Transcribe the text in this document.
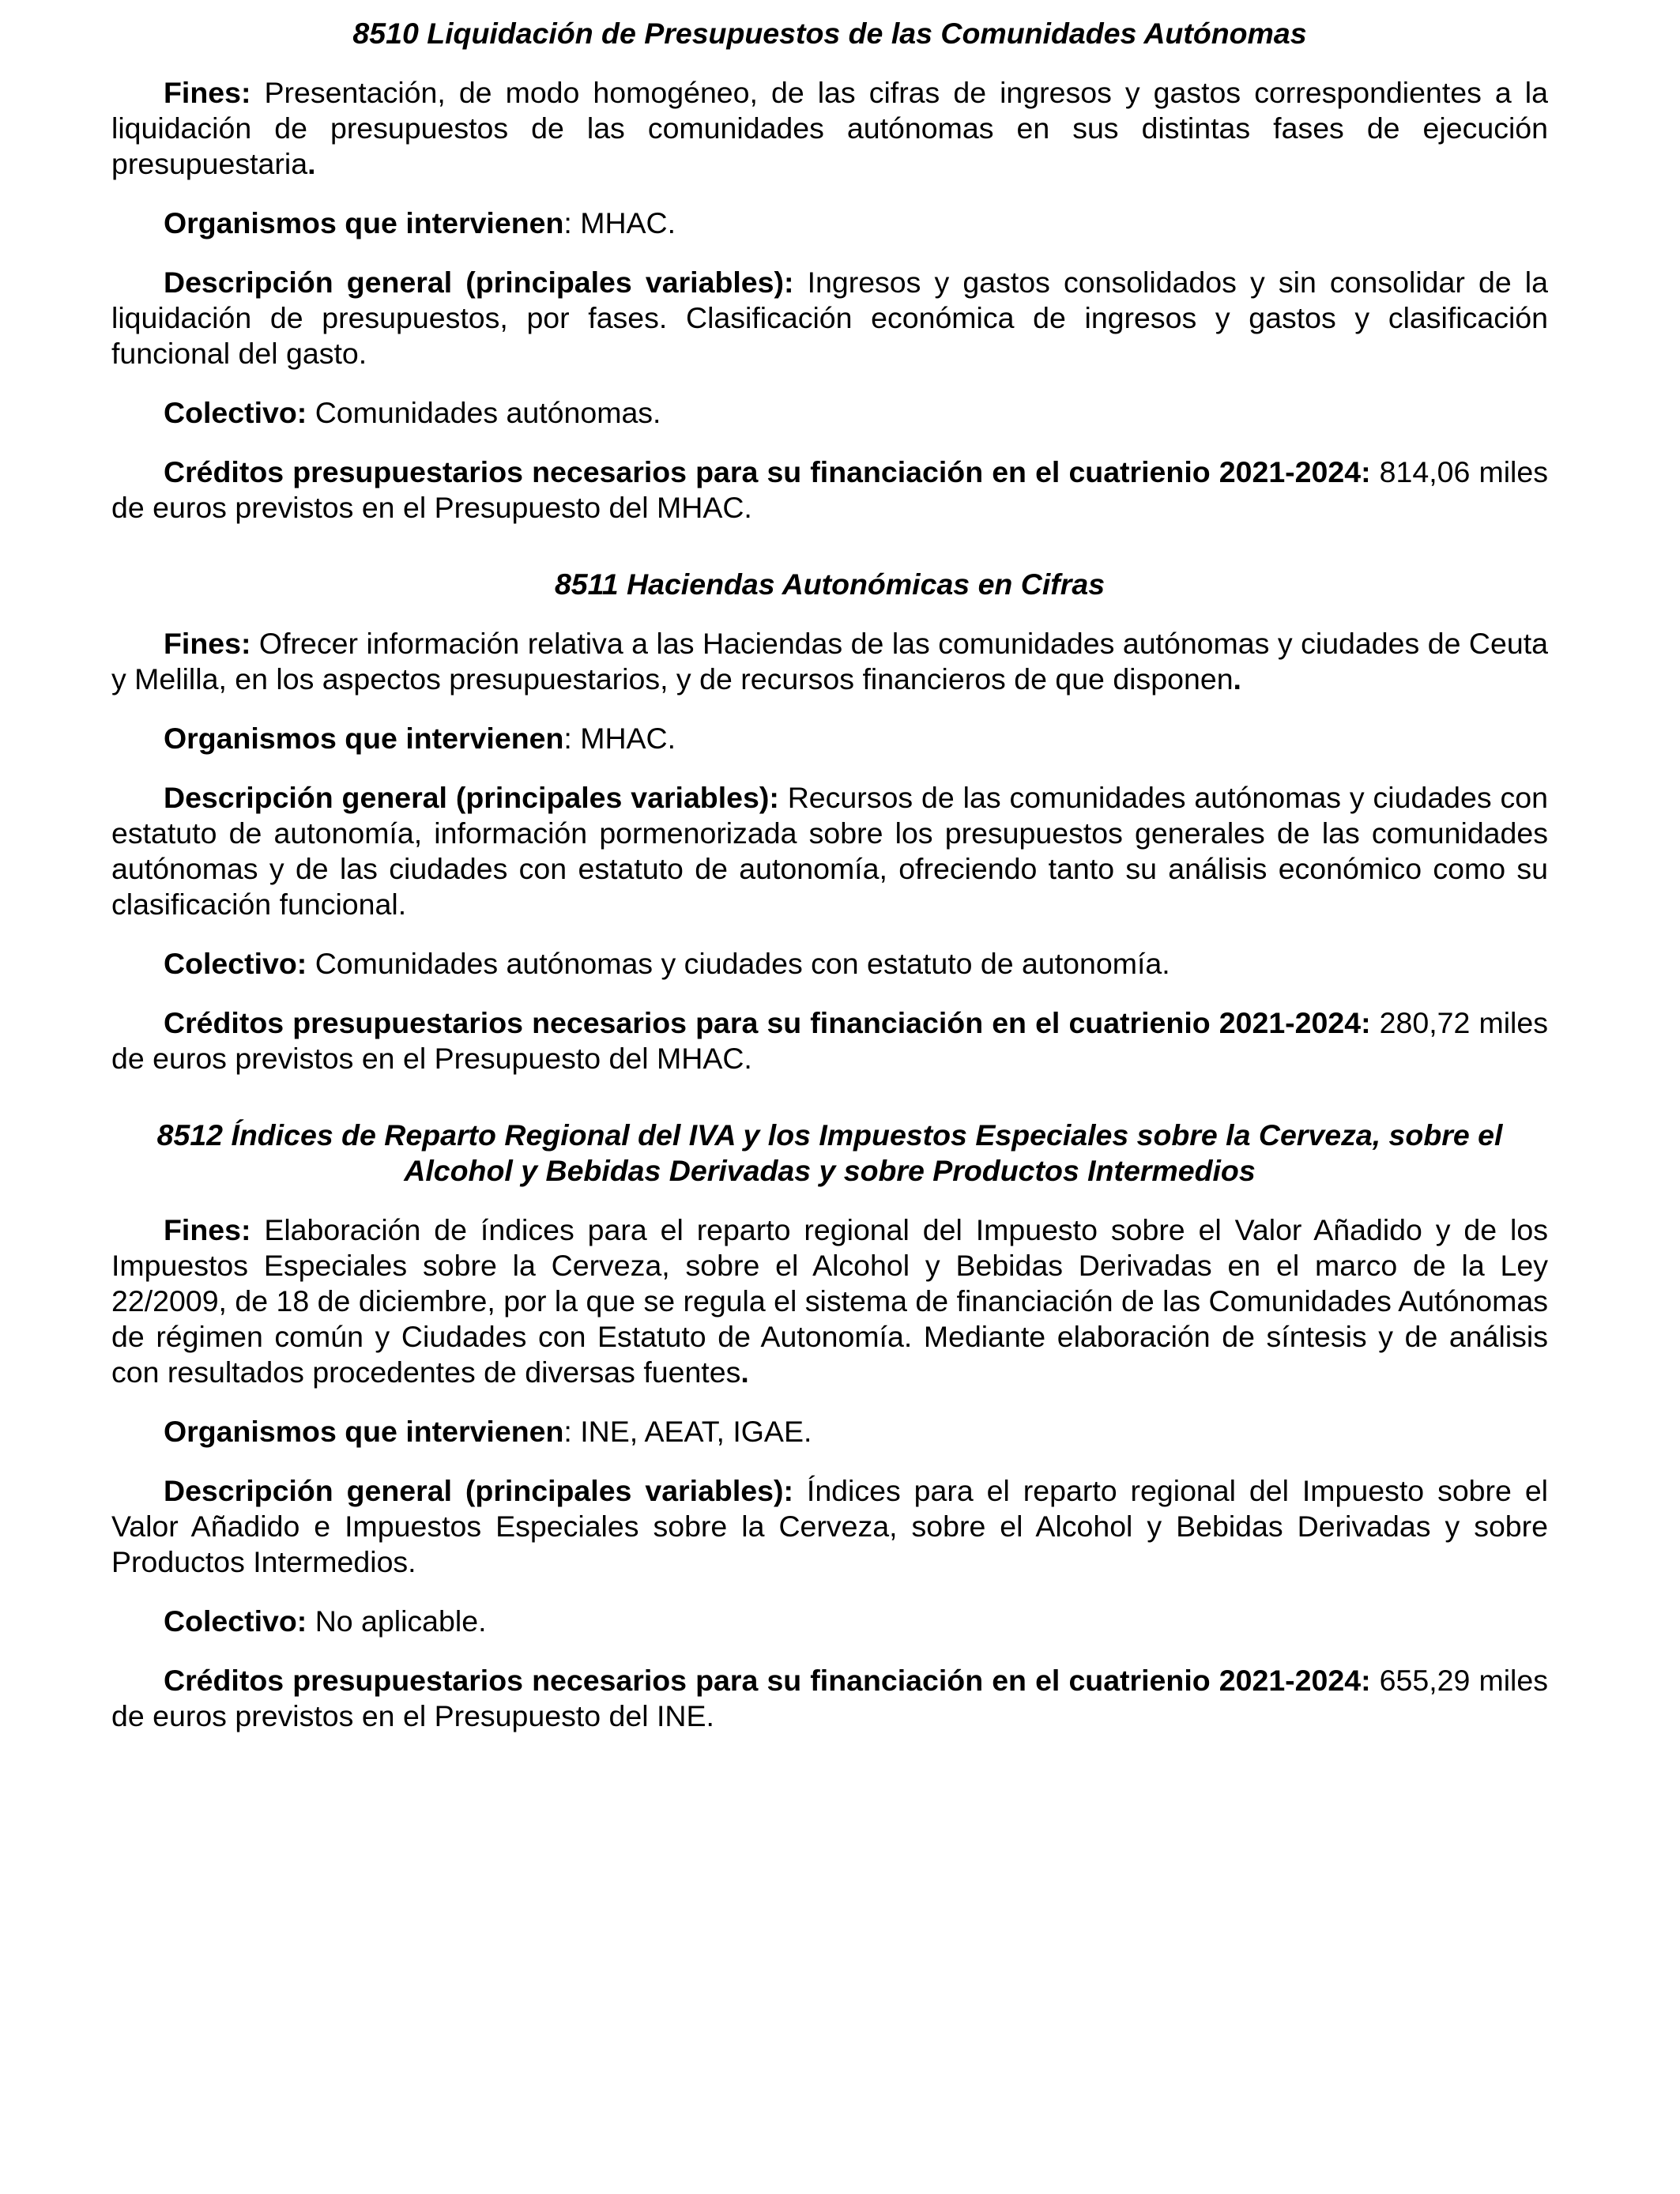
8510 Liquidación de Presupuestos de las Comunidades Autónomas

Fines: Presentación, de modo homogéneo, de las cifras de ingresos y gastos correspondientes a la liquidación de presupuestos de las comunidades autónomas en sus distintas fases de ejecución presupuestaria.

Organismos que intervienen: MHAC.

Descripción general (principales variables): Ingresos y gastos consolidados y sin consolidar de la liquidación de presupuestos, por fases. Clasificación económica de ingresos y gastos y clasificación funcional del gasto.

Colectivo: Comunidades autónomas.

Créditos presupuestarios necesarios para su financiación en el cuatrienio 2021-2024: 814,06 miles de euros previstos en el Presupuesto del MHAC.

8511 Haciendas Autonómicas en Cifras

Fines: Ofrecer información relativa a las Haciendas de las comunidades autónomas y ciudades de Ceuta y Melilla, en los aspectos presupuestarios, y de recursos financieros de que disponen.

Organismos que intervienen: MHAC.

Descripción general (principales variables): Recursos de las comunidades autónomas y ciudades con estatuto de autonomía, información pormenorizada sobre los presupuestos generales de las comunidades autónomas y de las ciudades con estatuto de autonomía, ofreciendo tanto su análisis económico como su clasificación funcional.

Colectivo: Comunidades autónomas y ciudades con estatuto de autonomía.

Créditos presupuestarios necesarios para su financiación en el cuatrienio 2021-2024: 280,72 miles de euros previstos en el Presupuesto del MHAC.

8512 Índices de Reparto Regional del IVA y los Impuestos Especiales sobre la Cerveza, sobre el Alcohol y Bebidas Derivadas y sobre Productos Intermedios

Fines: Elaboración de índices para el reparto regional del Impuesto sobre el Valor Añadido y de los Impuestos Especiales sobre la Cerveza, sobre el Alcohol y Bebidas Derivadas en el marco de la Ley 22/2009, de 18 de diciembre, por la que se regula el sistema de financiación de las Comunidades Autónomas de régimen común y Ciudades con Estatuto de Autonomía. Mediante elaboración de síntesis y de análisis con resultados procedentes de diversas fuentes.

Organismos que intervienen: INE, AEAT, IGAE.

Descripción general (principales variables): Índices para el reparto regional del Impuesto sobre el Valor Añadido e Impuestos Especiales sobre la Cerveza, sobre el Alcohol y Bebidas Derivadas y sobre Productos Intermedios.

Colectivo: No aplicable.

Créditos presupuestarios necesarios para su financiación en el cuatrienio 2021-2024: 655,29 miles de euros previstos en el Presupuesto del INE.
